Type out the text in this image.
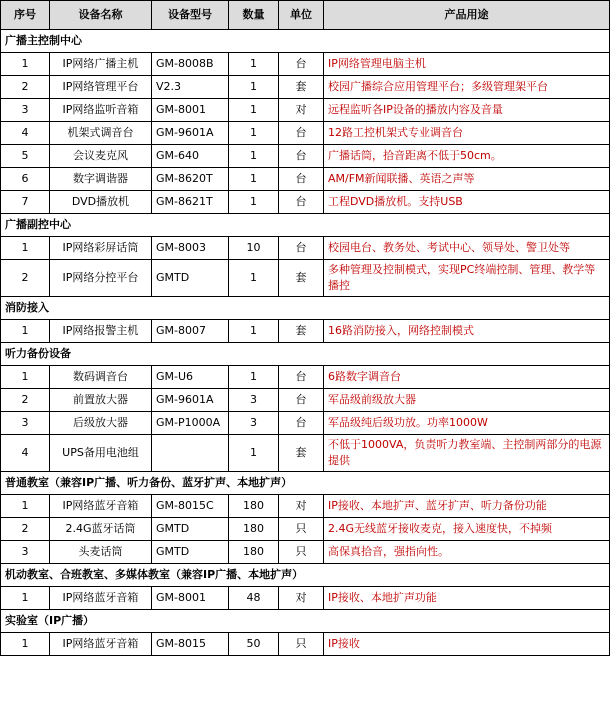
序号	设备名称	设备型号	数量	单位	产品用途
广播主控制中心					
1	IP网络广播主机	GM-8008B	1	台	IP网络管理电脑主机
2	IP网络管理平台	V2.3	1	套	校园广播综合应用管理平台；多级管理架平台
3	IP网络监听音箱	GM-8001	1	对	远程监听各IP设备的播放内容及音量
4	机架式调音台	GM-9601A	1	台	12路工控机架式专业调音台
5	会议麦克风	GM-640	1	台	广播话筒，拾音距离不低于50cm。
6	数字调谐器	GM-8620T	1	台	AM/FM新闻联播、英语之声等
7	DVD播放机	GM-8621T	1	台	工程DVD播放机。支持USB
广播副控中心					
1	IP网络彩屏话筒	GM-8003	10	台	校园电台、教务处、考试中心、领导处、警卫处等
2	IP网络分控平台	GMTD	1	套	多种管理及控制模式，实现PC终端控制、管理、教学等播控
消防接入					
1	IP网络报警主机	GM-8007	1	套	16路消防接入，网络控制模式
听力备份设备					
1	数码调音台	GM-U6	1	台	6路数字调音台
2	前置放大器	GM-9601A	3	台	军品级前级放大器
3	后级放大器	GM-P1000A	3	台	军品级纯后级功放。功率1000W
4	UPS备用电池组		1	套	不低于1000VA，负责听力教室端、主控制两部分的电源提供
普通教室（兼容IP广播、听力备份、蓝牙扩声、本地扩声）					
1	IP网络蓝牙音箱	GM-8015C	180	对	IP接收、本地扩声、蓝牙扩声、听力备份功能
2	2.4G蓝牙话筒	GMTD	180	只	2.4G无线蓝牙接收麦克，接入速度快，不掉频
3	头麦话筒	GMTD	180	只	高保真拾音，强指向性。
机动教室、合班教室、多媒体教室（兼容IP广播、本地扩声）					
1	IP网络蓝牙音箱	GM-8001	48	对	IP接收、本地扩声功能
实验室（IP广播）					
1	IP网络蓝牙音箱	GM-8015	50	只	IP接收
